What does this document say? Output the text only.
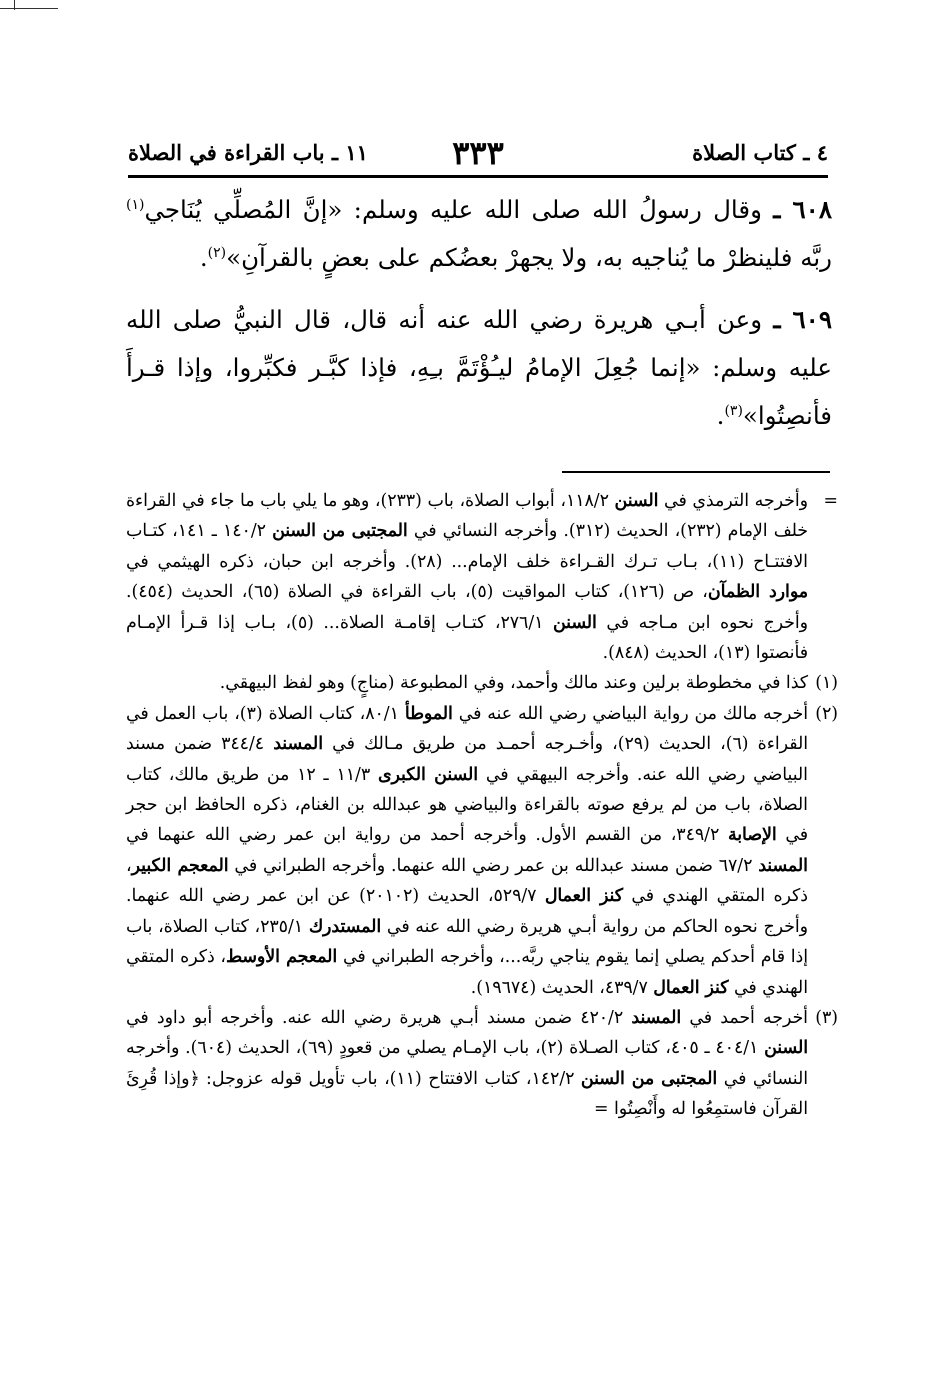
٤ ـ كتاب الصلاة
٣٣٣
١١ ـ باب القراءة في الصلاة

٦٠٨ ـ وقال رسولُ الله صلى الله عليه وسلم: «إنَّ المُصلِّي يُنَاجي$^{(١)}$ ربَّه فلينظرْ ما يُناجيه به، ولا يجهرْ بعضُكم على بعضٍ بالقرآنِ»$^{(٢)}$.

٦٠٩ ـ وعن أبـي هريرة رضي الله عنه أنه قال، قال النبيُّ صلى الله عليه وسلم: «إنما جُعِلَ الإمامُ ليـُؤْتَمَّ بـِهِ، فإذا كبَّـر فكبِّروا، وإذا قـرأَ فأنصِتُوا»$^{(٣)}$.

=
وأخرجه الترمذي في السنن ١١٨/٢، أبواب الصلاة، باب (٢٣٣)، وهو ما يلي باب ما جاء في القراءة خلف الإمام (٢٣٢)، الحديث (٣١٢). وأخرجه النسائي في المجتبى من السنن ١٤٠/٢ ـ ١٤١، كتـاب الافتتـاح (١١)، بـاب تـرك القـراءة خلف الإمام... (٢٨). وأخرجه ابن حبان، ذكره الهيثمي في موارد الظمآن، ص (١٢٦)، كتاب المواقيت (٥)، باب القراءة في الصلاة (٦٥)، الحديث (٤٥٤). وأخرج نحوه ابن مـاجه في السنن ٢٧٦/١، كتـاب إقامـة الصلاة... (٥)، بـاب إذا قـرأ الإمـام فأنصتوا (١٣)، الحديث (٨٤٨).
(١)
كذا في مخطوطة برلين وعند مالك وأحمد، وفي المطبوعة (مناجٍ) وهو لفظ البيهقي.
(٢)
أخرجه مالك من رواية البياضي رضي الله عنه في الموطأ ٨٠/١، كتاب الصلاة (٣)، باب العمل في القراءة (٦)، الحديث (٢٩)، وأخـرجه أحمـد من طريق مـالك في المسند ٣٤٤/٤ ضمن مسند البياضي رضي الله عنه. وأخرجه البيهقي في السنن الكبرى ١١/٣ ـ ١٢ من طريق مالك، كتاب الصلاة، باب من لم يرفع صوته بالقراءة والبياضي هو عبدالله بن الغنام، ذكره الحافظ ابن حجر في الإصابة ٣٤٩/٢، من القسم الأول. وأخرجه أحمد من رواية ابن عمر رضي الله عنهما في المسند ٦٧/٢ ضمن مسند عبدالله بن عمر رضي الله عنهما. وأخرجه الطبراني في المعجم الكبير، ذكره المتقي الهندي في كنز العمال ٥٢٩/٧، الحديث (٢٠١٠٢) عن ابن عمر رضي الله عنهما. وأخرج نحوه الحاكم من رواية أبـي هريرة رضي الله عنه في المستدرك ٢٣٥/١، كتاب الصلاة، باب إذا قام أحدكم يصلي إنما يقوم يناجي ربَّه...، وأخرجه الطبراني في المعجم الأوسط، ذكره المتقي الهندي في كنز العمال ٤٣٩/٧، الحديث (١٩٦٧٤).
(٣)
أخرجه أحمد في المسند ٤٢٠/٢ ضمن مسند أبـي هريرة رضي الله عنه. وأخرجه أبو داود في السنن ٤٠٤/١ ـ ٤٠٥، كتاب الصـلاة (٢)، باب الإمـام يصلي من قعودٍ (٦٩)، الحديث (٦٠٤). وأخرجه النسائي في المجتبى من السنن ١٤٢/٢، كتاب الافتتاح (١١)، باب تأويل قوله عزوجل: ﴿وإذا قُرِئَ القرآن فاستمِعُوا له وأَنْصِتُوا =
